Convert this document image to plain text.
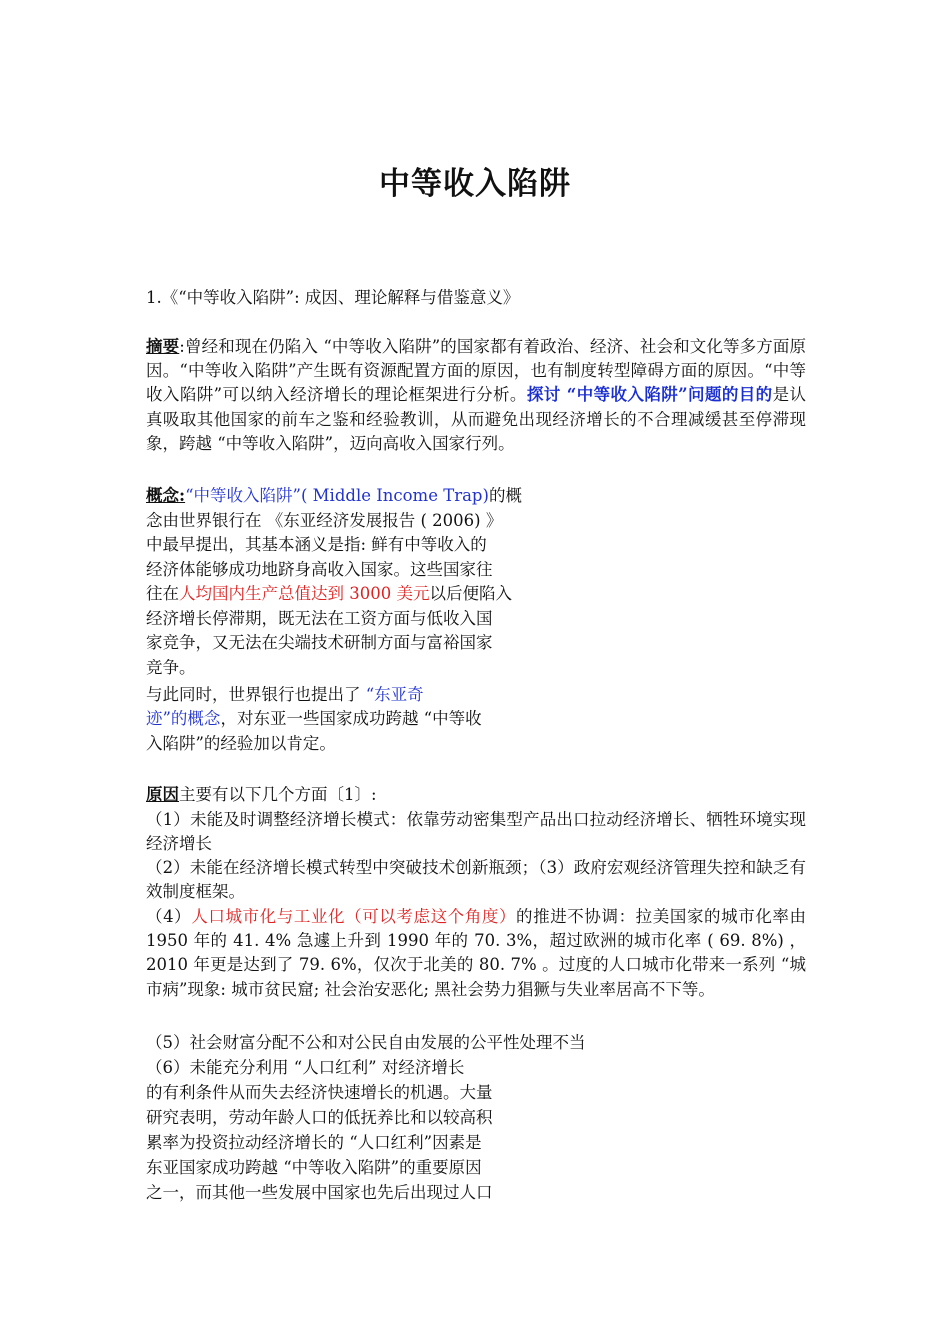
中等收入陷阱
1.《“中等收入陷阱”: 成因、理论解释与借鉴意义》
摘要:曾经和现在仍陷入 “中等收入陷阱”的国家都有着政治、经济、社会和文化等多方面原因。“中等收入陷阱”产生既有资源配置方面的原因，也有制度转型障碍方面的原因。“中等收入陷阱”可以纳入经济增长的理论框架进行分析。探讨 “中等收入陷阱”问题的目的是认真吸取其他国家的前车之鉴和经验教训，从而避免出现经济增长的不合理减缓甚至停滞现象，跨越 “中等收入陷阱”，迈向高收入国家行列。
概念:“中等收入陷阱”( Middle Income Trap)的概
念由世界银行在 《东亚经济发展报告 ( 2006) 》
中最早提出，其基本涵义是指: 鲜有中等收入的
经济体能够成功地跻身高收入国家。这些国家往
往在人均国内生产总值达到 3000 美元以后便陷入
经济增长停滞期，既无法在工资方面与低收入国
家竞争，又无法在尖端技术研制方面与富裕国家
竞争。
与此同时，世界银行也提出了 “东亚奇
迹”的概念，对东亚一些国家成功跨越 “中等收
入陷阱”的经验加以肯定。
原因主要有以下几个方面〔1〕:
（1）未能及时调整经济增长模式：依靠劳动密集型产品出口拉动经济增长、牺牲环境实现经济增长
（2）未能在经济增长模式转型中突破技术创新瓶颈；（3）政府宏观经济管理失控和缺乏有效制度框架。
（4）人口城市化与工业化（可以考虑这个角度）的推进不协调：拉美国家的城市化率由 1950 年的 41. 4% 急遽上升到 1990 年的 70. 3%，超过欧洲的城市化率 ( 69. 8%) ，2010 年更是达到了 79. 6%，仅次于北美的 80. 7% 。过度的人口城市化带来一系列 “城市病”现象: 城市贫民窟; 社会治安恶化; 黑社会势力猖獗与失业率居高不下等。
（5）社会财富分配不公和对公民自由发展的公平性处理不当
（6）未能充分利用 “人口红利” 对经济增长
的有利条件从而失去经济快速增长的机遇。大量
研究表明，劳动年龄人口的低抚养比和以较高积
累率为投资拉动经济增长的 “人口红利”因素是
东亚国家成功跨越 “中等收入陷阱”的重要原因
之一，而其他一些发展中国家也先后出现过人口
